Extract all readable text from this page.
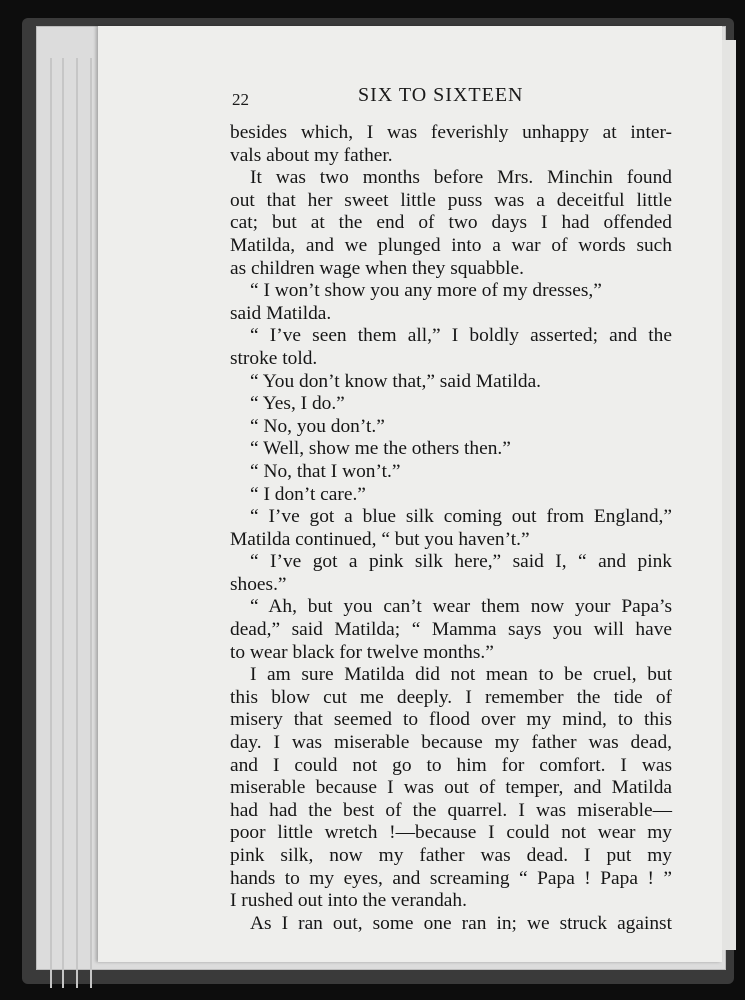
22	SIX TO SIXTEEN
besides which, I was feverishly unhappy at inter-
vals about my father.
It was two months before Mrs. Minchin found
out that her sweet little puss was a deceitful little
cat; but at the end of two days I had offended
Matilda, and we plunged into a war of words such
as children wage when they squabble.
“ I won’t show you any more of my dresses,”
said Matilda.
“ I’ve seen them all,” I boldly asserted; and the
stroke told.
“ You don’t know that,” said Matilda.
“ Yes, I do.”
“ No, you don’t.”
“ Well, show me the others then.”
“ No, that I won’t.”
“ I don’t care.”
“ I’ve got a blue silk coming out from England,”
Matilda continued, “ but you haven’t.”
“ I’ve got a pink silk here,” said I, “ and pink
shoes.”
“ Ah, but you can’t wear them now your Papa’s
dead,” said Matilda; “ Mamma says you will have
to wear black for twelve months.”
I am sure Matilda did not mean to be cruel, but
this blow cut me deeply. I remember the tide of
misery that seemed to flood over my mind, to this
day. I was miserable because my father was dead,
and I could not go to him for comfort. I was
miserable because I was out of temper, and Matilda
had had the best of the quarrel. I was miserable—
poor little wretch !—because I could not wear my
pink silk, now my father was dead. I put my
hands to my eyes, and screaming “ Papa ! Papa ! ”
I rushed out into the verandah.
As I ran out, some one ran in; we struck against
